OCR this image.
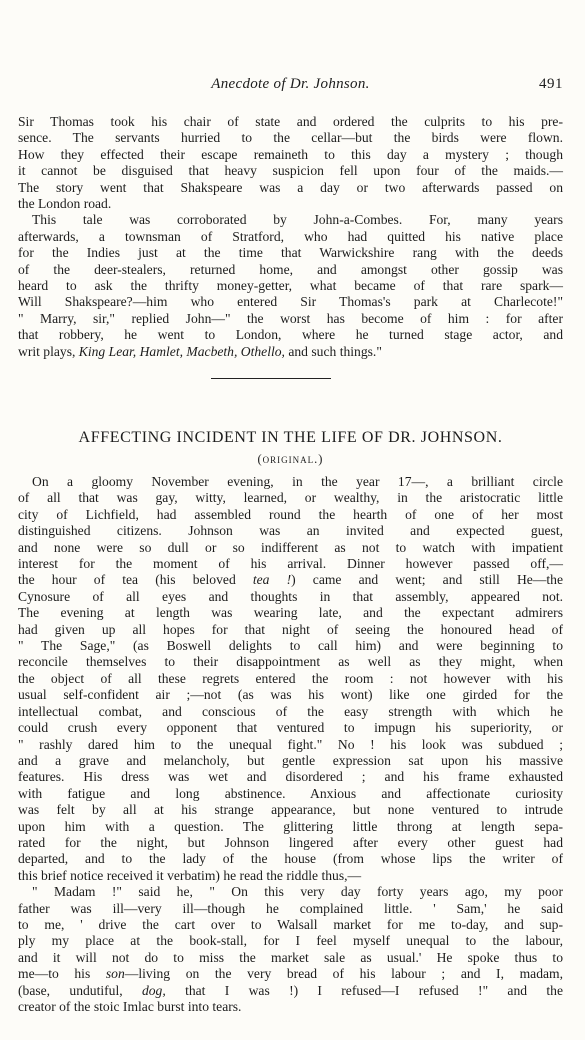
Anecdote of Dr. Johnson.	491
Sir Thomas took his chair of state and ordered the culprits to his pre-
sence. The servants hurried to the cellar—but the birds were flown.
How they effected their escape remaineth to this day a mystery ; though
it cannot be disguised that heavy suspicion fell upon four of the maids.—
The story went that Shakspeare was a day or two afterwards passed on
the London road.
This tale was corroborated by John-a-Combes. For, many years
afterwards, a townsman of Stratford, who had quitted his native place
for the Indies just at the time that Warwickshire rang with the deeds
of the deer-stealers, returned home, and amongst other gossip was
heard to ask the thrifty money-getter, what became of that rare spark—
Will Shakspeare?—him who entered Sir Thomas's park at Charlecote!"
" Marry, sir," replied John—" the worst has become of him : for after
that robbery, he went to London, where he turned stage actor, and
writ plays, King Lear, Hamlet, Macbeth, Othello, and such things."
AFFECTING INCIDENT IN THE LIFE OF DR. JOHNSON.
(original.)
On a gloomy November evening, in the year 17—, a brilliant circle
of all that was gay, witty, learned, or wealthy, in the aristocratic little
city of Lichfield, had assembled round the hearth of one of her most
distinguished citizens. Johnson was an invited and expected guest,
and none were so dull or so indifferent as not to watch with impatient
interest for the moment of his arrival. Dinner however passed off,—
the hour of tea (his beloved tea !) came and went; and still He—the
Cynosure of all eyes and thoughts in that assembly, appeared not.
The evening at length was wearing late, and the expectant admirers
had given up all hopes for that night of seeing the honoured head of
" The Sage," (as Boswell delights to call him) and were beginning to
reconcile themselves to their disappointment as well as they might, when
the object of all these regrets entered the room : not however with his
usual self-confident air ;—not (as was his wont) like one girded for the
intellectual combat, and conscious of the easy strength with which he
could crush every opponent that ventured to impugn his superiority, or
" rashly dared him to the unequal fight." No ! his look was subdued ;
and a grave and melancholy, but gentle expression sat upon his massive
features. His dress was wet and disordered ; and his frame exhausted
with fatigue and long abstinence. Anxious and affectionate curiosity
was felt by all at his strange appearance, but none ventured to intrude
upon him with a question. The glittering little throng at length sepa-
rated for the night, but Johnson lingered after every other guest had
departed, and to the lady of the house (from whose lips the writer of
this brief notice received it verbatim) he read the riddle thus,—
" Madam !" said he, " On this very day forty years ago, my poor
father was ill—very ill—though he complained little. ' Sam,' he said
to me, ' drive the cart over to Walsall market for me to-day, and sup-
ply my place at the book-stall, for I feel myself unequal to the labour,
and it will not do to miss the market sale as usual.' He spoke thus to
me—to his son—living on the very bread of his labour ; and I, madam,
(base, undutiful, dog, that I was !) I refused—I refused !" and the
creator of the stoic Imlac burst into tears.
